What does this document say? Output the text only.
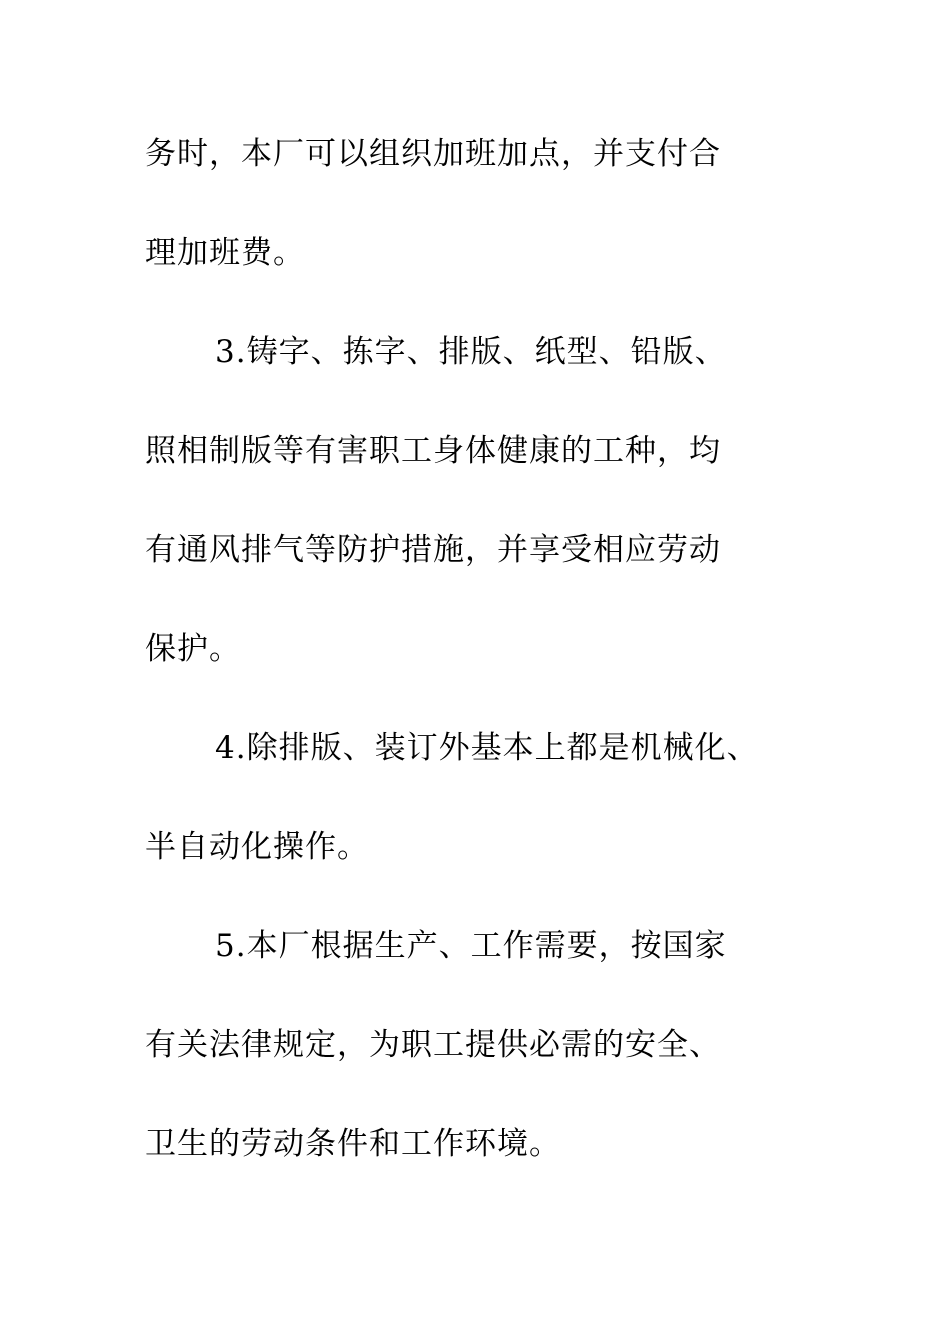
务时，本厂可以组织加班加点，并支付合
理加班费。
3.铸字、拣字、排版、纸型、铅版、
照相制版等有害职工身体健康的工种，均
有通风排气等防护措施，并享受相应劳动
保护。
4.除排版、装订外基本上都是机械化、
半自动化操作。
5.本厂根据生产、工作需要，按国家
有关法律规定，为职工提供必需的安全、
卫生的劳动条件和工作环境。
